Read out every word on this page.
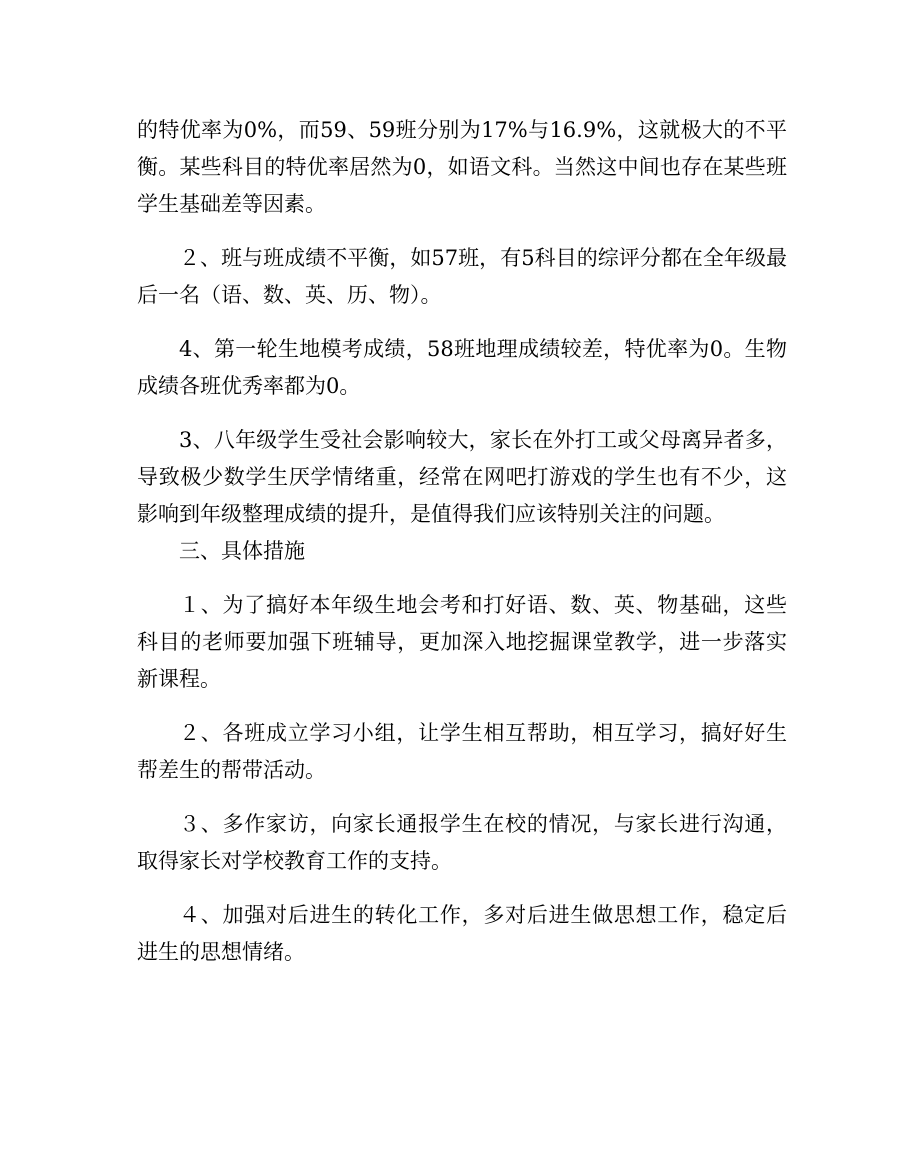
的特优率为0%，而59、59班分别为17%与16.9%，这就极大的不平衡。某些科目的特优率居然为0，如语文科。当然这中间也存在某些班学生基础差等因素。

２、班与班成绩不平衡，如57班，有5科目的综评分都在全年级最后一名（语、数、英、历、物）。

4、第一轮生地模考成绩，58班地理成绩较差，特优率为0。生物成绩各班优秀率都为0。

3、八年级学生受社会影响较大，家长在外打工或父母离异者多，导致极少数学生厌学情绪重，经常在网吧打游戏的学生也有不少，这影响到年级整理成绩的提升，是值得我们应该特别关注的问题。

三、具体措施

１、为了搞好本年级生地会考和打好语、数、英、物基础，这些科目的老师要加强下班辅导，更加深入地挖掘课堂教学，进一步落实新课程。

２、各班成立学习小组，让学生相互帮助，相互学习，搞好好生帮差生的帮带活动。

３、多作家访，向家长通报学生在校的情况，与家长进行沟通，取得家长对学校教育工作的支持。

４、加强对后进生的转化工作，多对后进生做思想工作，稳定后进生的思想情绪。
